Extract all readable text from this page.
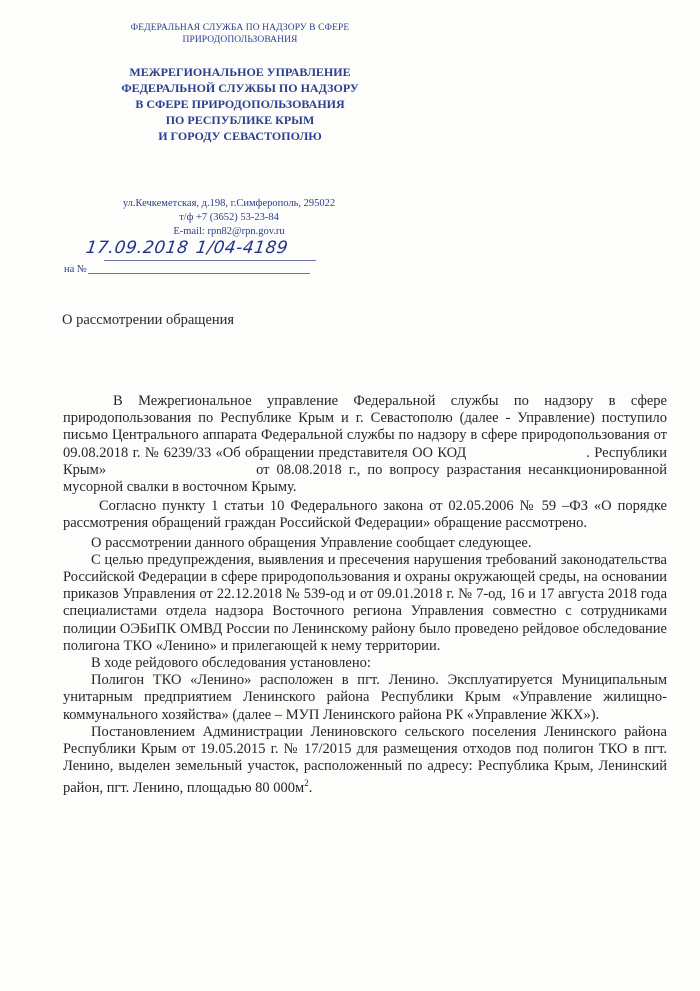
ФЕДЕРАЛЬНАЯ СЛУЖБА ПО НАДЗОРУ В СФЕРЕ
ПРИРОДОПОЛЬЗОВАНИЯ
МЕЖРЕГИОНАЛЬНОЕ УПРАВЛЕНИЕ
ФЕДЕРАЛЬНОЙ СЛУЖБЫ ПО НАДЗОРУ
В СФЕРЕ ПРИРОДОПОЛЬЗОВАНИЯ
ПО РЕСПУБЛИКЕ КРЫМ
И ГОРОДУ СЕВАСТОПОЛЮ
ул.Кечкеметская, д.198, г.Симферополь, 295022
т/ф +7 (3652) 53-23-84
E-mail: rpn82@rpn.gov.ru
17.09.2018 1/04-4189
на №
О рассмотрении обращения

В Межрегиональное управление Федеральной службы по надзору в сфере природопользования по Республике Крым и г. Севастополю (далее - Управление) поступило письмо Центрального аппарата Федеральной службы по надзору в сфере природопользования от 09.08.2018 г. № 6239/33 «Об обращении представителя ОО КОД	. Республики Крым»	от 08.08.2018 г., по вопросу разрастания несанкционированной мусорной свалки в восточном Крыму.

Согласно пункту 1 статьи 10 Федерального закона от 02.05.2006 № 59 –ФЗ «О порядке рассмотрения обращений граждан Российской Федерации» обращение рассмотрено.

О рассмотрении данного обращения Управление сообщает следующее.

С целью предупреждения, выявления и пресечения нарушения требований законодательства Российской Федерации в сфере природопользования и охраны окружающей среды, на основании приказов Управления от 22.12.2018 № 539-од и от 09.01.2018 г. № 7-од, 16 и 17 августа 2018 года специалистами отдела надзора Восточного региона Управления совместно с сотрудниками полиции ОЭБиПК ОМВД России по Ленинскому району было проведено рейдовое обследование полигона ТКО «Ленино» и прилегающей к нему территории.

В ходе рейдового обследования установлено:

Полигон ТКО «Ленино» расположен в пгт. Ленино. Эксплуатируется Муниципальным унитарным предприятием Ленинского района Республики Крым «Управление жилищно-коммунального хозяйства» (далее – МУП Ленинского района РК «Управление ЖКХ»).

Постановлением Администрации Лениновского сельского поселения Ленинского района Республики Крым от 19.05.2015 г. № 17/2015 для размещения отходов под полигон ТКО в пгт. Ленино, выделен земельный участок, расположенный по адресу: Республика Крым, Ленинский район, пгт. Ленино, площадью 80 $000м^2$.
